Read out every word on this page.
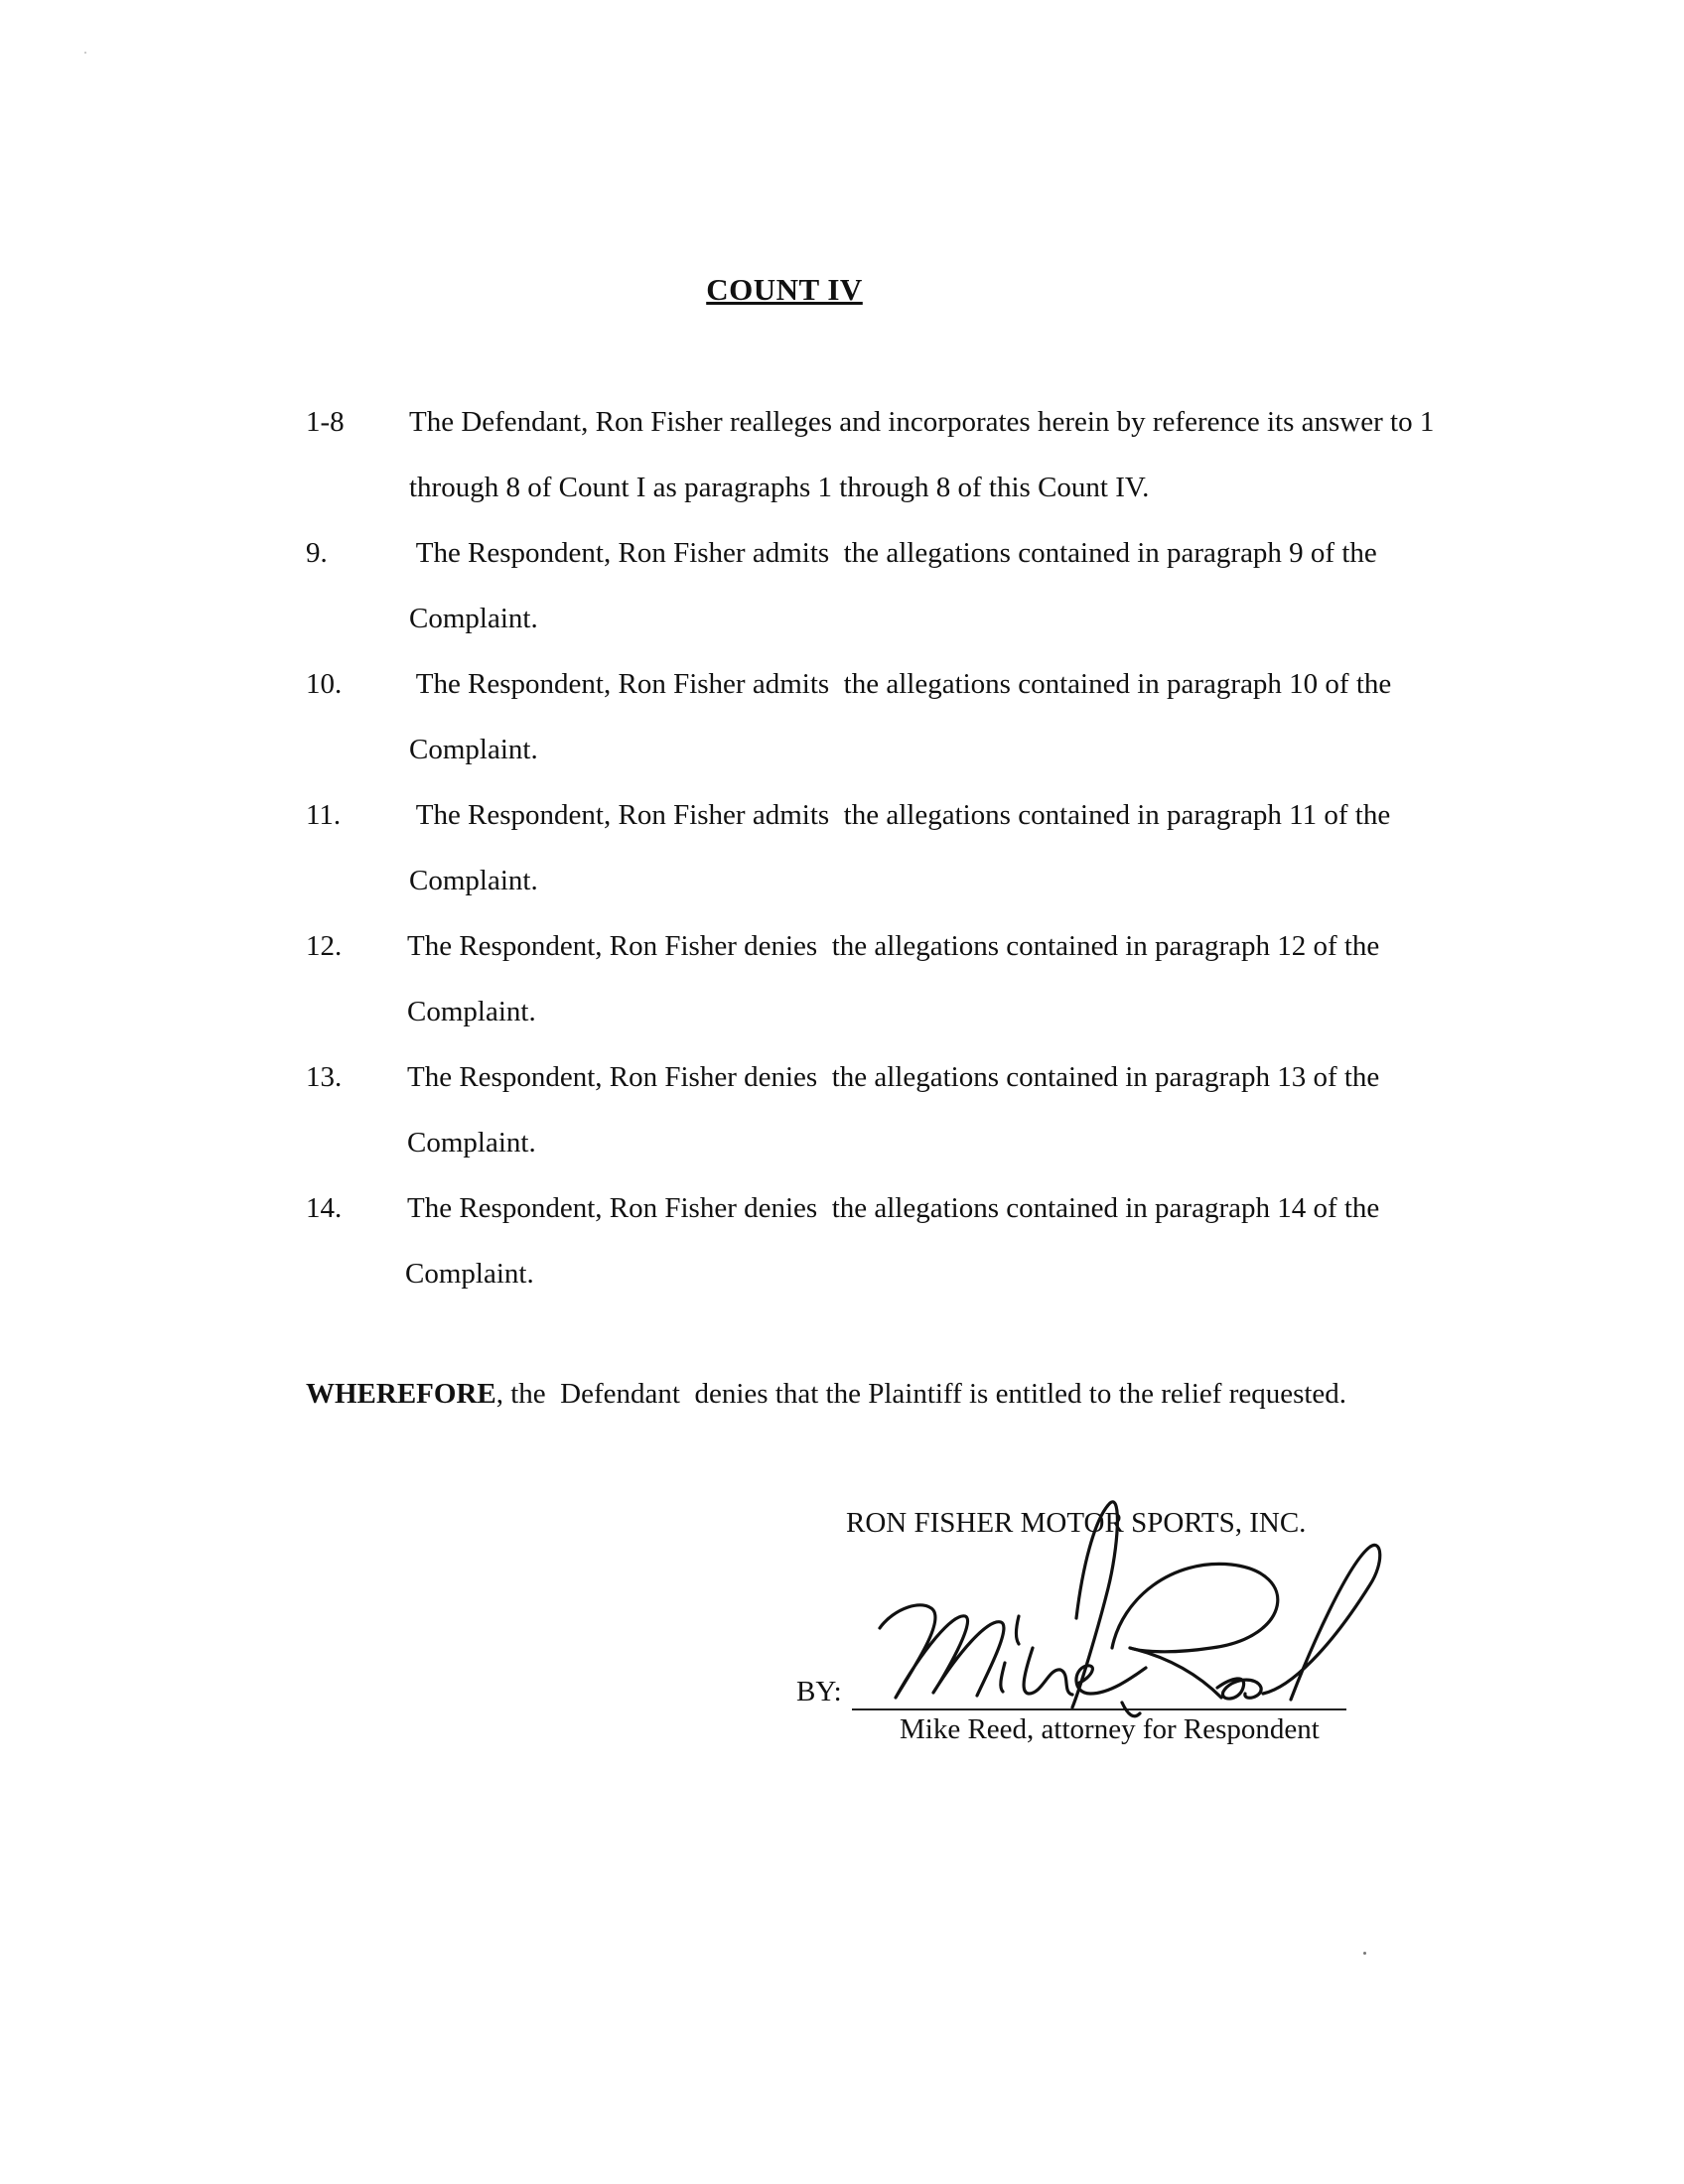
COUNT IV
1-8 The Defendant, Ron Fisher realleges and incorporates herein by reference its answer to 1
through 8 of Count I as paragraphs 1 through 8 of this Count IV.
9.	The Respondent, Ron Fisher admits  the allegations contained in paragraph 9 of the
Complaint.
10. The Respondent, Ron Fisher admits  the allegations contained in paragraph 10 of the
Complaint.
11. The Respondent, Ron Fisher admits  the allegations contained in paragraph 11 of the
Complaint.
12. The Respondent, Ron Fisher denies  the allegations contained in paragraph 12 of the
Complaint.
13. The Respondent, Ron Fisher denies  the allegations contained in paragraph 13 of the
Complaint.
14. The Respondent, Ron Fisher denies  the allegations contained in paragraph 14 of the
Complaint.
WHEREFORE, the  Defendant  denies that the Plaintiff is entitled to the relief requested.
RON FISHER MOTOR SPORTS, INC.
BY:
Mike Reed, attorney for Respondent
